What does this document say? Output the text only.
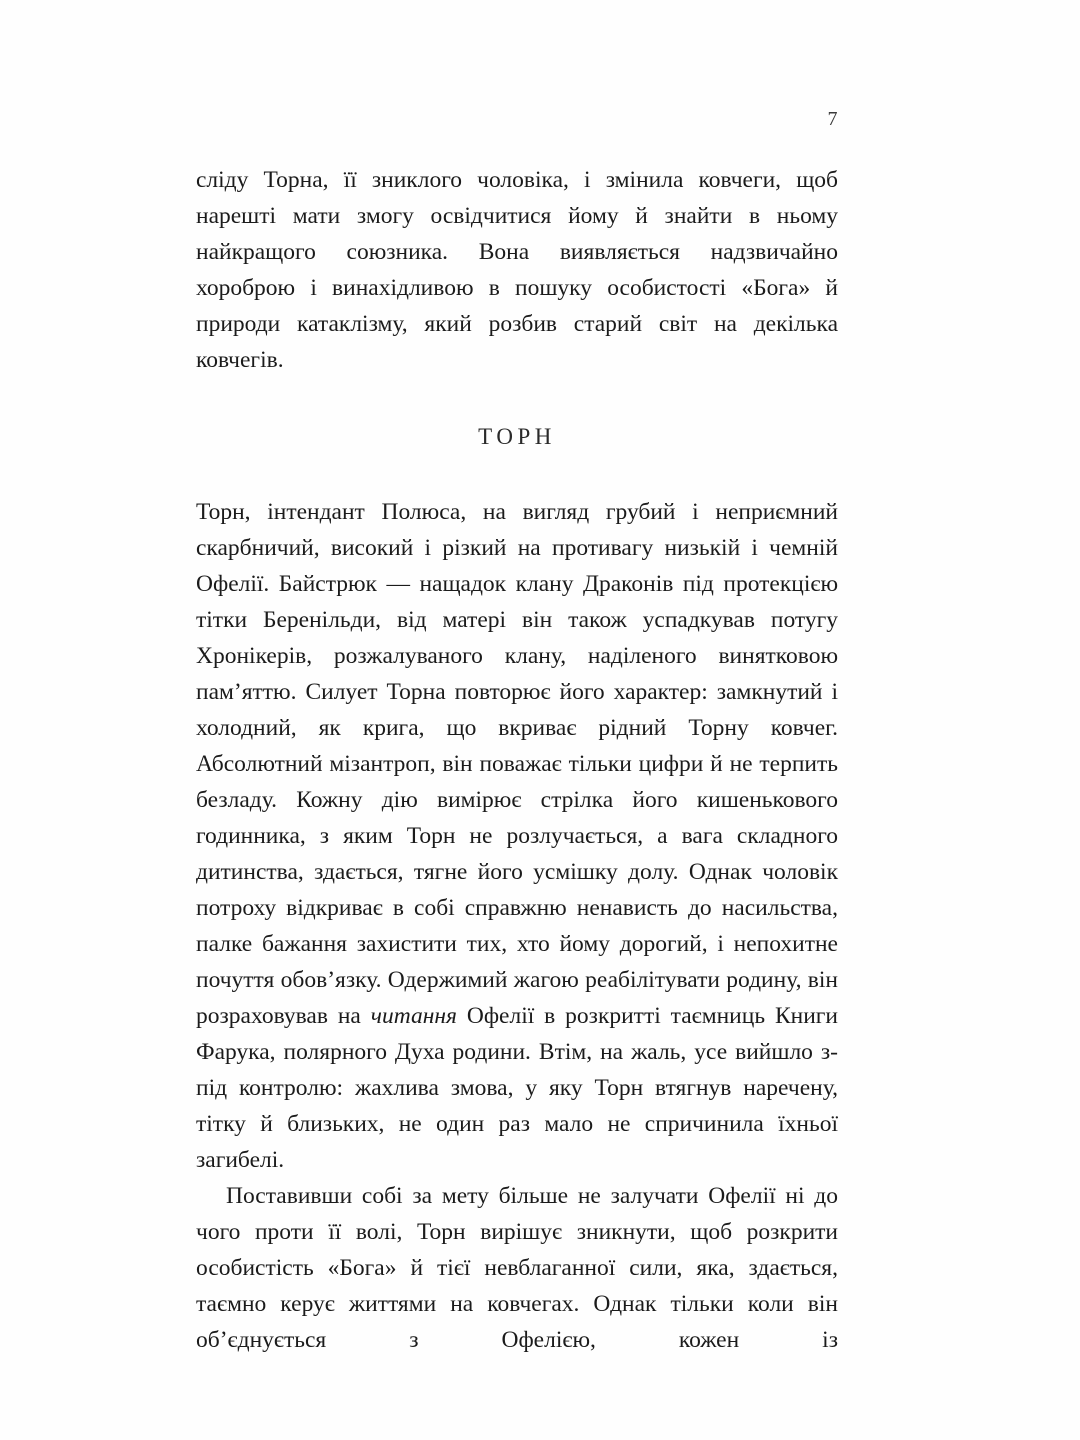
7

сліду Торна, її зниклого чоловіка, і змінила ковчеги, щоб нарешті мати змогу освідчитися йому й знайти в ньому найкращого союзника. Вона виявляється надзвичайно хороброю і винахідливою в пошуку особистості «Бога» й природи катаклізму, який розбив старий світ на декілька ковчегів.

ТОРН

Торн, інтендант Полюса, на вигляд грубий і неприємний скарбничий, високий і різкий на противагу низькій і чемній Офелії. Байстрюк — нащадок клану Драконів під протекцією тітки Беренільди, від матері він також успадкував потугу Хронікерів, розжалуваного клану, наділеного винятковою пам’яттю. Силует Торна повторює його характер: замкнутий і холодний, як крига, що вкриває рідний Торну ковчег. Абсолютний мізантроп, він поважає тільки цифри й не терпить безладу. Кожну дію вимірює стрілка його кишенькового годинника, з яким Торн не розлучається, а вага складного дитинства, здається, тягне його усмішку долу. Однак чоловік потроху відкриває в собі справжню ненависть до насильства, палке бажання захистити тих, хто йому дорогий, і непохитне почуття обов’язку. Одержимий жагою реабілітувати родину, він розраховував на читання Офелії в розкритті таємниць Книги Фарука, полярного Духа родини. Втім, на жаль, усе вийшло з-під контролю: жахлива змова, у яку Торн втягнув наречену, тітку й близьких, не один раз мало не спричинила їхньої загибелі.

Поставивши собі за мету більше не залучати Офелії ні до чого проти її волі, Торн вирішує зникнути, щоб розкрити особистість «Бога» й тієї невблаганної сили, яка, здається, таємно керує життями на ковчегах. Однак тільки коли він об’єднується з Офелією, кожен із
